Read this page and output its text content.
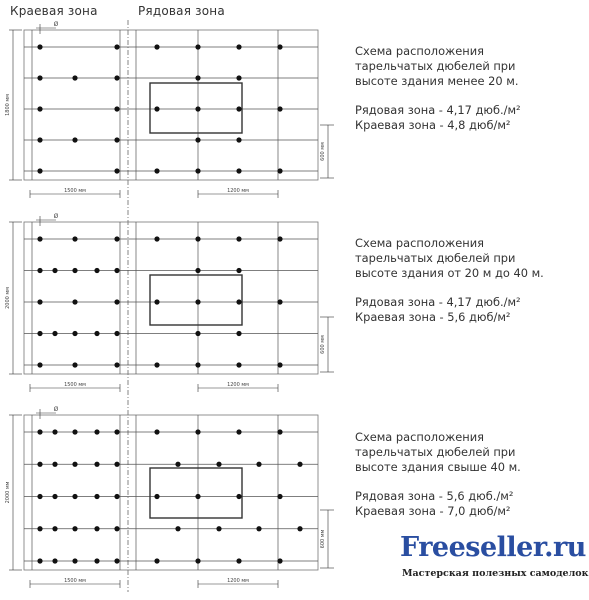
Ø
1800 мм
1500 мм	1200 мм
600 мм
Ø
2000 мм
1500 мм	1200 мм
600 мм
Ø
2000 мм
1500 мм	1200 мм
600 мм
Краевая зона	Рядовая зона

Схема расположения

тарельчатых дюбелей при

высоте здания менее 20 м.

Рядовая зона - 4,17 дюб./м²

Краевая зона - 4,8 дюб/м²

Схема расположения

тарельчатых дюбелей при

высоте здания от 20 м до 40 м.

Рядовая зона - 4,17 дюб./м²

Краевая зона - 5,6 дюб/м²

Схема расположения

тарельчатых дюбелей при

высоте здания свыше 40 м.

Рядовая зона - 5,6 дюб./м²

Краевая зона - 7,0 дюб/м²

Freeseller.ru
Мастерская полезных самоделок
